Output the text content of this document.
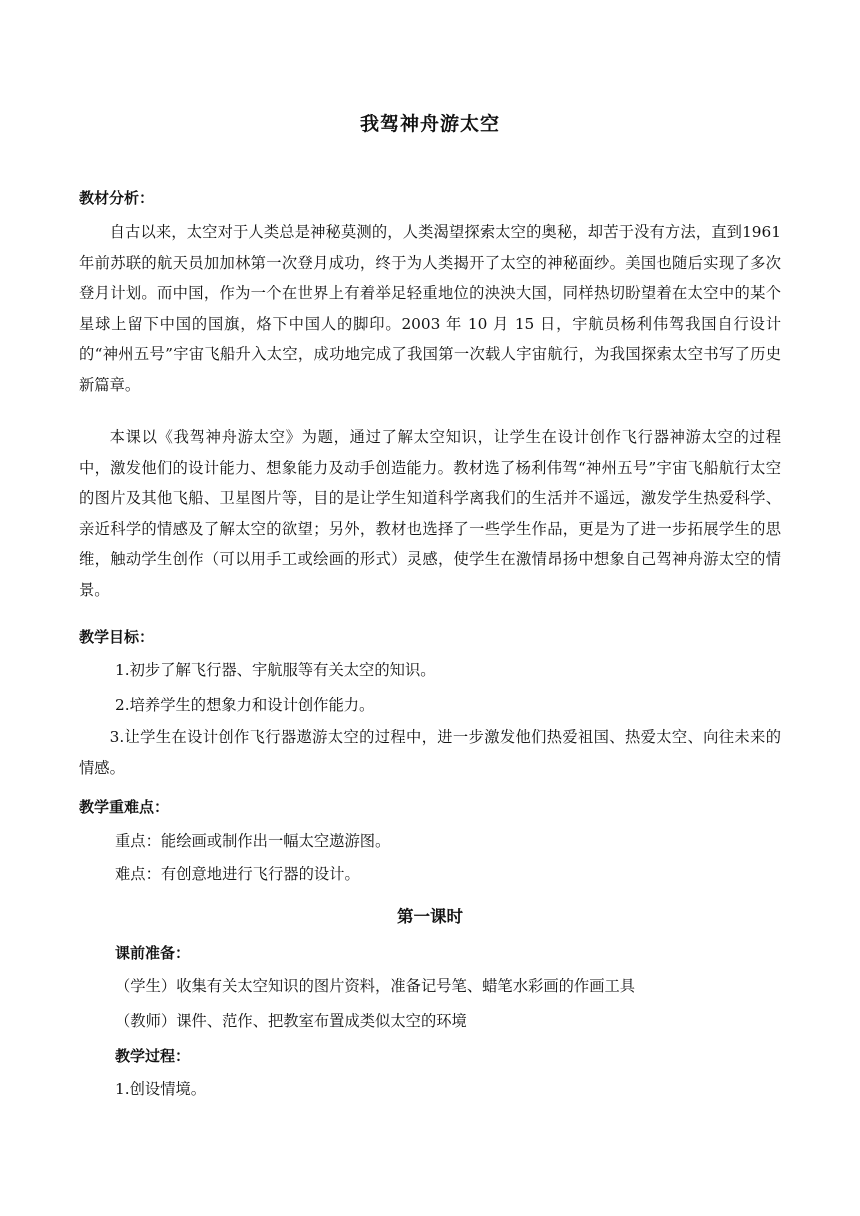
我驾神舟游太空
教材分析：
自古以来，太空对于人类总是神秘莫测的，人类渴望探索太空的奥秘，却苦于没有方法，直到1961年前苏联的航天员加加林第一次登月成功，终于为人类揭开了太空的神秘面纱。美国也随后实现了多次登月计划。而中国，作为一个在世界上有着举足轻重地位的泱泱大国，同样热切盼望着在太空中的某个星球上留下中国的国旗，烙下中国人的脚印。2003 年 10 月 15 日，宇航员杨利伟驾我国自行设计的“神州五号”宇宙飞船升入太空，成功地完成了我国第一次载人宇宙航行，为我国探索太空书写了历史新篇章。
本课以《我驾神舟游太空》为题，通过了解太空知识，让学生在设计创作飞行器神游太空的过程中，激发他们的设计能力、想象能力及动手创造能力。教材选了杨利伟驾“神州五号”宇宙飞船航行太空的图片及其他飞船、卫星图片等，目的是让学生知道科学离我们的生活并不遥远，激发学生热爱科学、亲近科学的情感及了解太空的欲望；另外，教材也选择了一些学生作品，更是为了进一步拓展学生的思维，触动学生创作（可以用手工或绘画的形式）灵感，使学生在激情昂扬中想象自己驾神舟游太空的情景。
教学目标：
1.初步了解飞行器、宇航服等有关太空的知识。
2.培养学生的想象力和设计创作能力。
3.让学生在设计创作飞行器遨游太空的过程中，进一步激发他们热爱祖国、热爱太空、向往未来的情感。
教学重难点：
重点：能绘画或制作出一幅太空遨游图。
难点：有创意地进行飞行器的设计。
第一课时
课前准备：
（学生）收集有关太空知识的图片资料，准备记号笔、蜡笔水彩画的作画工具
（教师）课件、范作、把教室布置成类似太空的环境
教学过程：
1.创设情境。
